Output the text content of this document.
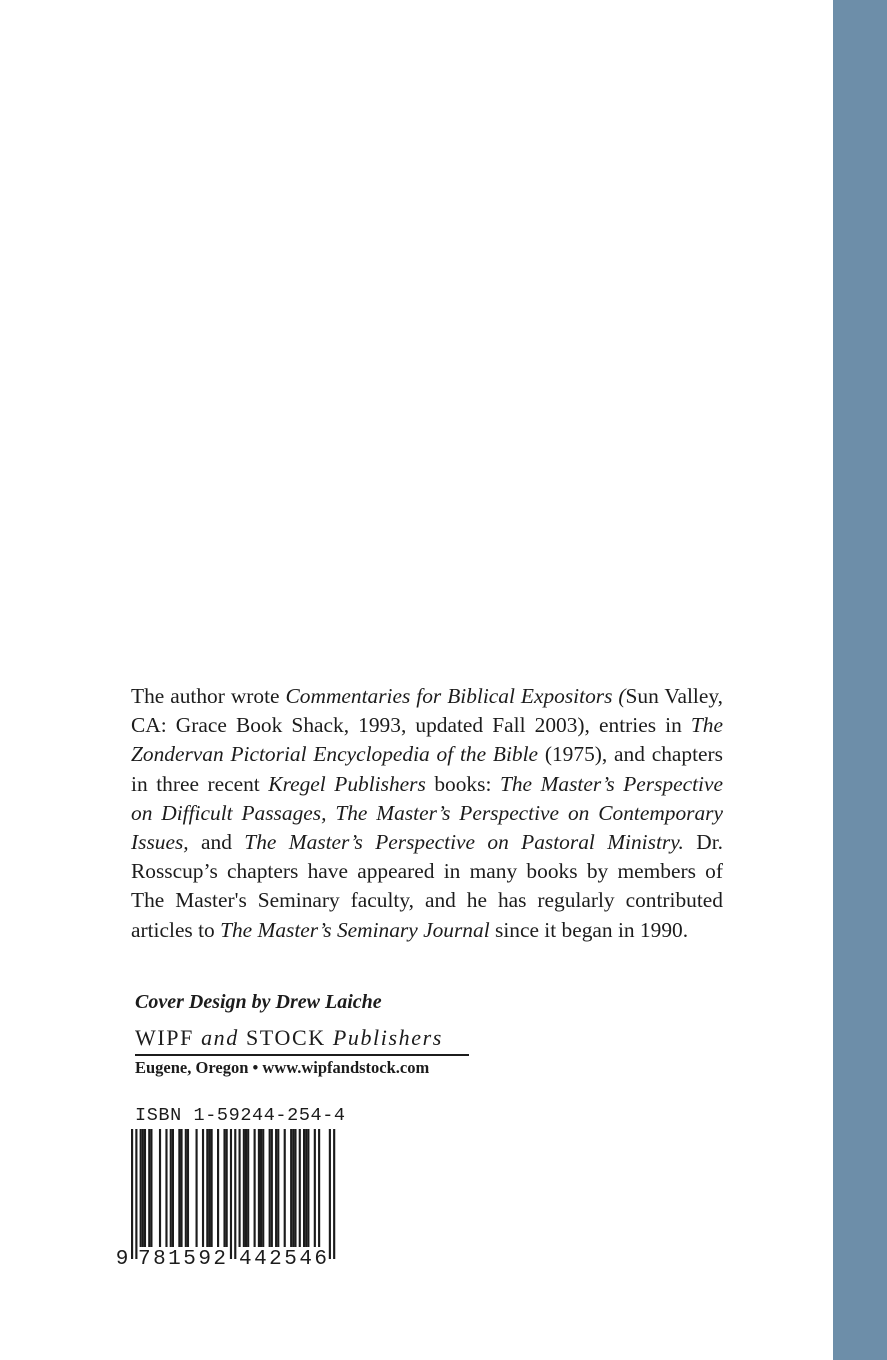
The author wrote Commentaries for Biblical Expositors (Sun Valley, CA: Grace Book Shack, 1993, updated Fall 2003), entries in The Zondervan Pictorial Encyclopedia of the Bible (1975), and chapters in three recent Kregel Publishers books: The Master’s Perspective on Difficult Passages, The Master’s Perspective on Contemporary Issues, and The Master’s Perspective on Pastoral Ministry. Dr. Rosscup’s chapters have appeared in many books by members of The Master's Seminary faculty, and he has regularly contributed articles to The Master’s Seminary Journal since it began in 1990.
Cover Design by Drew Laiche
WIPF and STOCK Publishers
Eugene, Oregon • www.wipfandstock.com
ISBN 1-59244-254-4
9 781592 442546
